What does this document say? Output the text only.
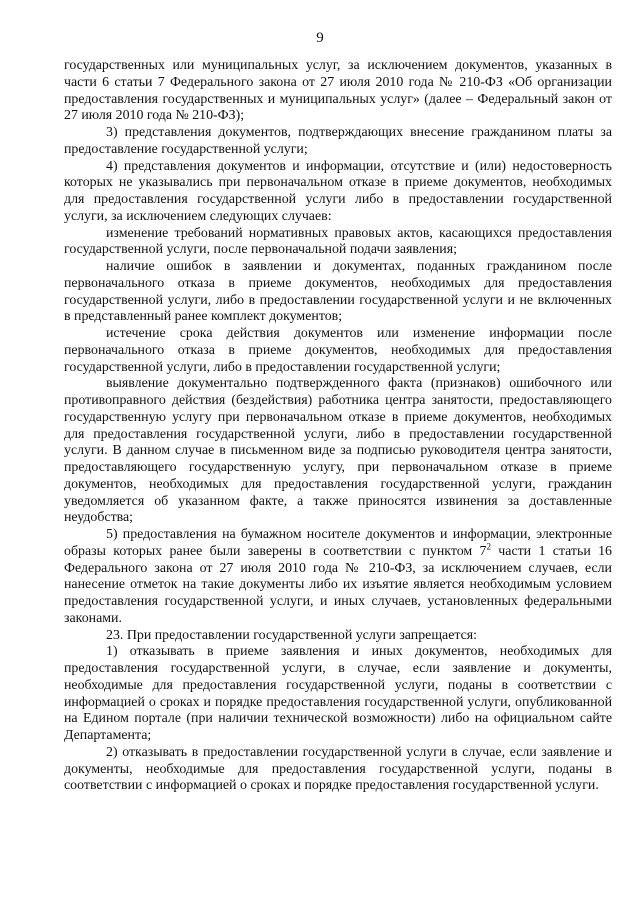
9

государственных или муниципальных услуг, за исключением документов, указанных в части 6 статьи 7 Федерального закона от 27 июля 2010 года № 210-ФЗ «Об организации предоставления государственных и муниципальных услуг» (далее – Федеральный закон от 27 июля 2010 года № 210-ФЗ);

3) представления документов, подтверждающих внесение гражданином платы за предоставление государственной услуги;

4) представления документов и информации, отсутствие и (или) недостоверность которых не указывались при первоначальном отказе в приеме документов, необходимых для предоставления государственной услуги либо в предоставлении государственной услуги, за исключением следующих случаев:

изменение требований нормативных правовых актов, касающихся предоставления государственной услуги, после первоначальной подачи заявления;

наличие ошибок в заявлении и документах, поданных гражданином после первоначального отказа в приеме документов, необходимых для предоставления государственной услуги, либо в предоставлении государственной услуги и не включенных в представленный ранее комплект документов;

истечение срока действия документов или изменение информации после первоначального отказа в приеме документов, необходимых для предоставления государственной услуги, либо в предоставлении государственной услуги;

выявление документально подтвержденного факта (признаков) ошибочного или противоправного действия (бездействия) работника центра занятости, предоставляющего государственную услугу при первоначальном отказе в приеме документов, необходимых для предоставления государственной услуги, либо в предоставлении государственной услуги. В данном случае в письменном виде за подписью руководителя центра занятости, предоставляющего государственную услугу, при первоначальном отказе в приеме документов, необходимых для предоставления государственной услуги, гражданин уведомляется об указанном факте, а также приносятся извинения за доставленные неудобства;

5) предоставления на бумажном носителе документов и информации, электронные образы которых ранее были заверены в соответствии с пунктом $7^2$ части 1 статьи 16 Федерального закона от 27 июля 2010 года № 210-ФЗ, за исключением случаев, если нанесение отметок на такие документы либо их изъятие является необходимым условием предоставления государственной услуги, и иных случаев, установленных федеральными законами.

23. При предоставлении государственной услуги запрещается:

1) отказывать в приеме заявления и иных документов, необходимых для предоставления государственной услуги, в случае, если заявление и документы, необходимые для предоставления государственной услуги, поданы в соответствии с информацией о сроках и порядке предоставления государственной услуги, опубликованной на Едином портале (при наличии технической возможности) либо на официальном сайте Департамента;

2) отказывать в предоставлении государственной услуги в случае, если заявление и документы, необходимые для предоставления государственной услуги, поданы в соответствии с информацией о сроках и порядке предоставления государственной услуги.
